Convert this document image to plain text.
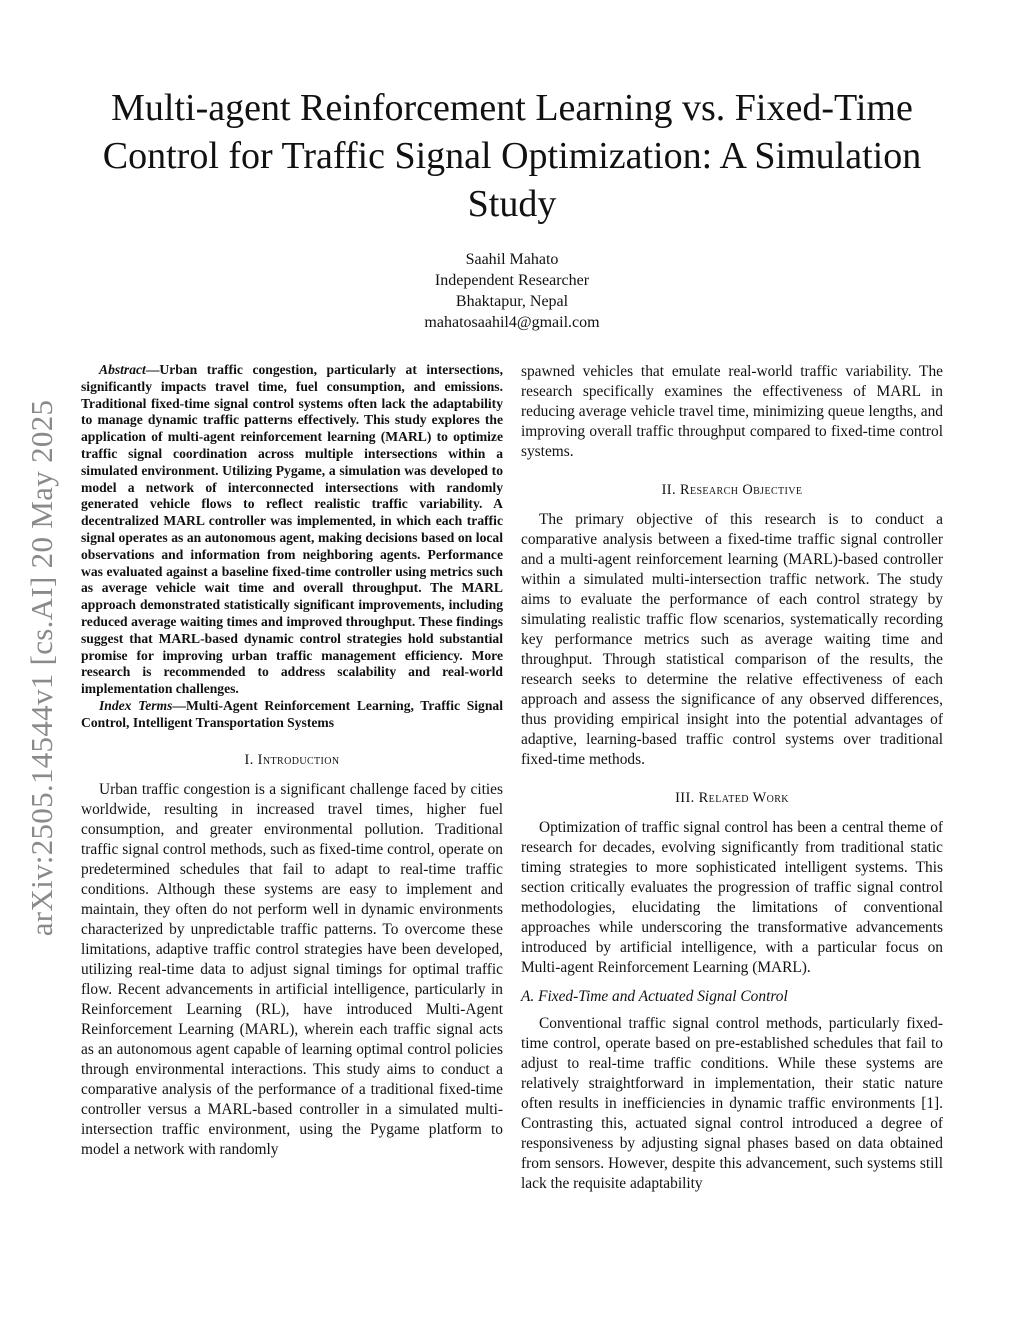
arXiv:2505.14544v1 [cs.AI] 20 May 2025
Multi-agent Reinforcement Learning vs. Fixed-Time Control for Traffic Signal Optimization: A Simulation Study
Saahil Mahato
Independent Researcher
Bhaktapur, Nepal
mahatosaahil4@gmail.com

Abstract—Urban traffic congestion, particularly at intersections, significantly impacts travel time, fuel consumption, and emissions. Traditional fixed-time signal control systems often lack the adaptability to manage dynamic traffic patterns effectively. This study explores the application of multi-agent reinforcement learning (MARL) to optimize traffic signal coordination across multiple intersections within a simulated environment. Utilizing Pygame, a simulation was developed to model a network of interconnected intersections with randomly generated vehicle flows to reflect realistic traffic variability. A decentralized MARL controller was implemented, in which each traffic signal operates as an autonomous agent, making decisions based on local observations and information from neighboring agents. Performance was evaluated against a baseline fixed-time controller using metrics such as average vehicle wait time and overall throughput. The MARL approach demonstrated statistically significant improvements, including reduced average waiting times and improved throughput. These findings suggest that MARL-based dynamic control strategies hold substantial promise for improving urban traffic management efficiency. More research is recommended to address scalability and real-world implementation challenges.

Index Terms—Multi-Agent Reinforcement Learning, Traffic Signal Control, Intelligent Transportation Systems

I. Introduction

Urban traffic congestion is a significant challenge faced by cities worldwide, resulting in increased travel times, higher fuel consumption, and greater environmental pollution. Traditional traffic signal control methods, such as fixed-time control, operate on predetermined schedules that fail to adapt to real-time traffic conditions. Although these systems are easy to implement and maintain, they often do not perform well in dynamic environments characterized by unpredictable traffic patterns. To overcome these limitations, adaptive traffic control strategies have been developed, utilizing real-time data to adjust signal timings for optimal traffic flow. Recent advancements in artificial intelligence, particularly in Reinforcement Learning (RL), have introduced Multi-Agent Reinforcement Learning (MARL), wherein each traffic signal acts as an autonomous agent capable of learning optimal control policies through environmental interactions. This study aims to conduct a comparative analysis of the performance of a traditional fixed-time controller versus a MARL-based controller in a simulated multi-intersection traffic environment, using the Pygame platform to model a network with randomly

spawned vehicles that emulate real-world traffic variability. The research specifically examines the effectiveness of MARL in reducing average vehicle travel time, minimizing queue lengths, and improving overall traffic throughput compared to fixed-time control systems.

II. Research Objective

The primary objective of this research is to conduct a comparative analysis between a fixed-time traffic signal controller and a multi-agent reinforcement learning (MARL)-based controller within a simulated multi-intersection traffic network. The study aims to evaluate the performance of each control strategy by simulating realistic traffic flow scenarios, systematically recording key performance metrics such as average waiting time and throughput. Through statistical comparison of the results, the research seeks to determine the relative effectiveness of each approach and assess the significance of any observed differences, thus providing empirical insight into the potential advantages of adaptive, learning-based traffic control systems over traditional fixed-time methods.

III. Related Work

Optimization of traffic signal control has been a central theme of research for decades, evolving significantly from traditional static timing strategies to more sophisticated intelligent systems. This section critically evaluates the progression of traffic signal control methodologies, elucidating the limitations of conventional approaches while underscoring the transformative advancements introduced by artificial intelligence, with a particular focus on Multi-agent Reinforcement Learning (MARL).

A. Fixed-Time and Actuated Signal Control

Conventional traffic signal control methods, particularly fixed-time control, operate based on pre-established schedules that fail to adjust to real-time traffic conditions. While these systems are relatively straightforward in implementation, their static nature often results in inefficiencies in dynamic traffic environments [1]. Contrasting this, actuated signal control introduced a degree of responsiveness by adjusting signal phases based on data obtained from sensors. However, despite this advancement, such systems still lack the requisite adaptability
